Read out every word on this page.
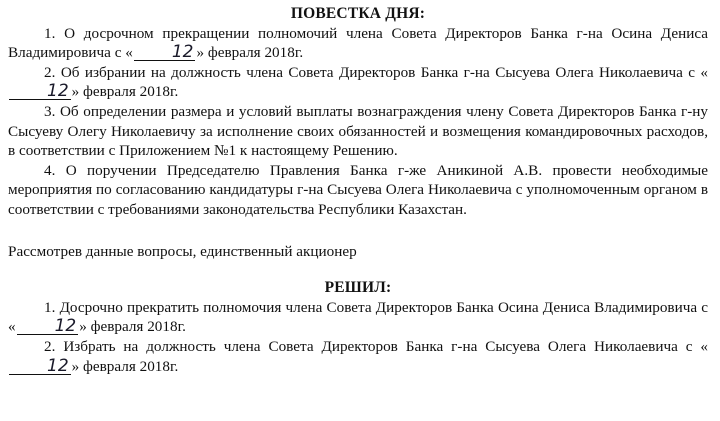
ПОВЕСТКА ДНЯ:

1. О досрочном прекращении полномочий члена Совета Директоров Банка г-на Осина Дениса Владимировича с « 12 » февраля 2018г.

2. Об избрании на должность члена Совета Директоров Банка г-на Сысуева Олега Николаевича с «12 » февраля 2018г.

3. Об определении размера и условий выплаты вознаграждения члену Совета Директоров Банка г-ну Сысуеву Олегу Николаевичу за исполнение своих обязанностей и возмещения командировочных расходов, в соответствии с Приложением №1 к настоящему Решению.

4. О поручении Председателю Правления Банка г-же Аникиной А.В. провести необходимые мероприятия по согласованию кандидатуры г-на Сысуева Олега Николаевича с уполномоченным органом в соответствии с требованиями законодательства Республики Казахстан.

Рассмотрев данные вопросы, единственный акционер

РЕШИЛ:

1. Досрочно прекратить полномочия члена Совета Директоров Банка Осина Дениса Владимировича с « 12 » февраля 2018г.

2. Избрать на должность члена Совета Директоров Банка г-на Сысуева Олега Николаевича с «12 » февраля 2018г.
